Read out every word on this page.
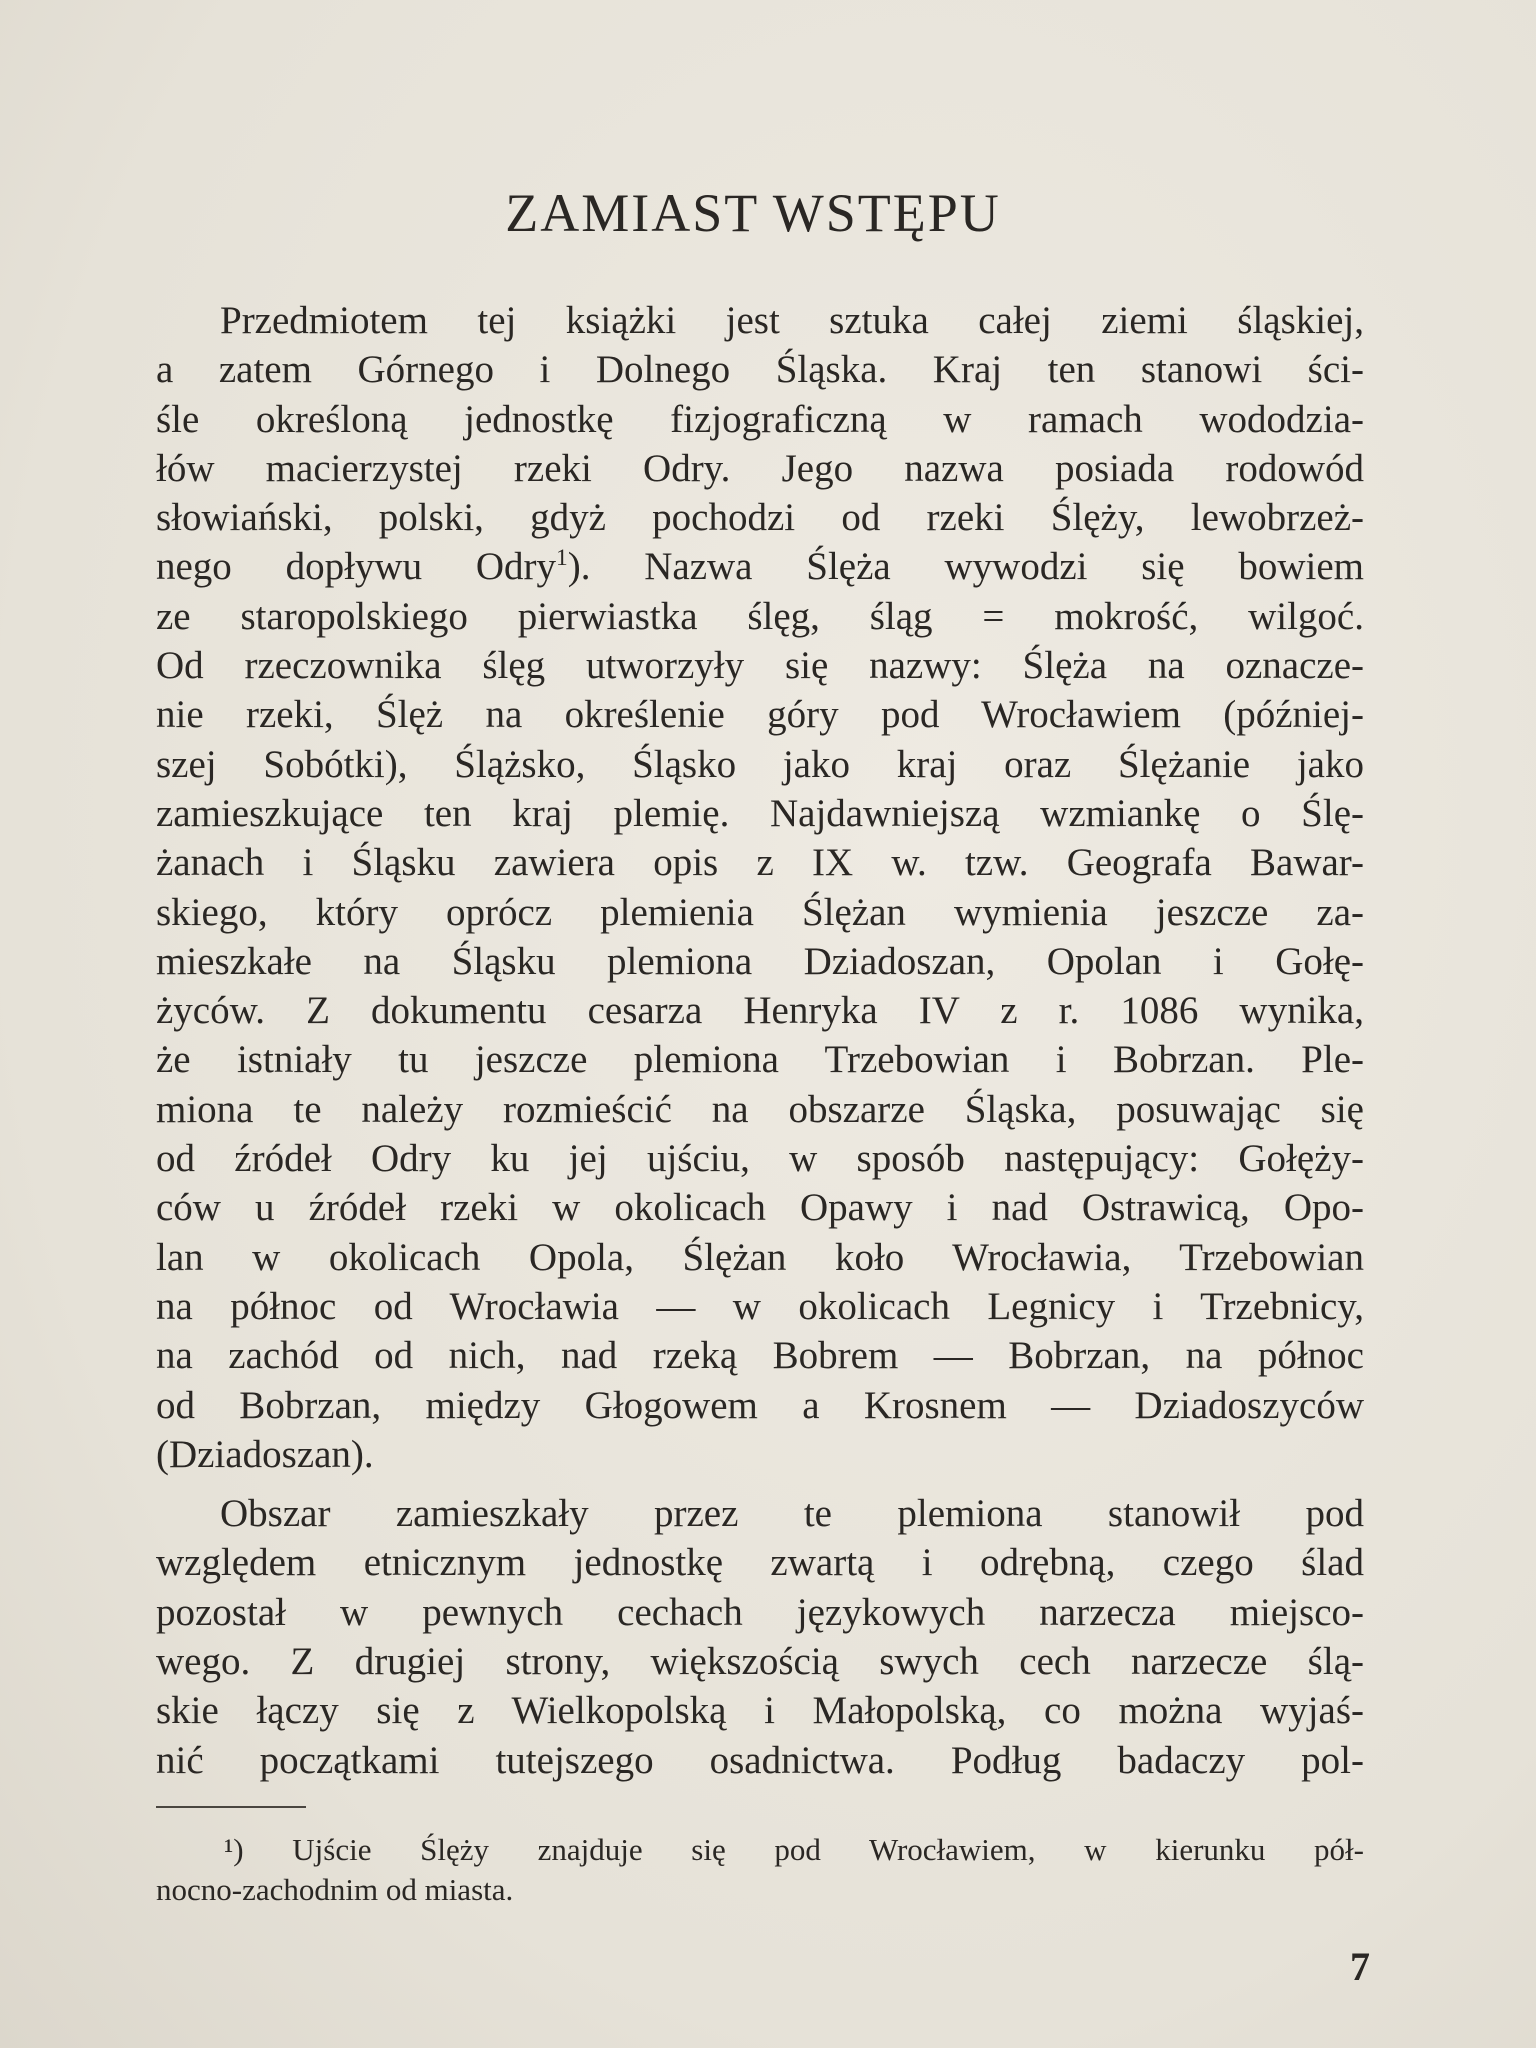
ZAMIAST WSTĘPU
Przedmiotem tej książki jest sztuka całej ziemi śląskiej,
a zatem Górnego i Dolnego Śląska. Kraj ten stanowi ści-
śle określoną jednostkę fizjograficzną w ramach wododzia-
łów macierzystej rzeki Odry. Jego nazwa posiada rodowód
słowiański, polski, gdyż pochodzi od rzeki Ślęży, lewobrzeż-
nego dopływu Odry$^1$). Nazwa Ślęża wywodzi się bowiem
ze staropolskiego pierwiastka ślęg, śląg = mokrość, wilgoć.
Od rzeczownika ślęg utworzyły się nazwy: Ślęża na oznacze-
nie rzeki, Ślęż na określenie góry pod Wrocławiem (później-
szej Sobótki), Ślążsko, Śląsko jako kraj oraz Ślężanie jako
zamieszkujące ten kraj plemię. Najdawniejszą wzmiankę o Ślę-
żanach i Śląsku zawiera opis z IX w. tzw. Geografa Bawar-
skiego, który oprócz plemienia Ślężan wymienia jeszcze za-
mieszkałe na Śląsku plemiona Dziadoszan, Opolan i Gołę-
życów. Z dokumentu cesarza Henryka IV z r. 1086 wynika,
że istniały tu jeszcze plemiona Trzebowian i Bobrzan. Ple-
miona te należy rozmieścić na obszarze Śląska, posuwając się
od źródeł Odry ku jej ujściu, w sposób następujący: Gołęży-
ców u źródeł rzeki w okolicach Opawy i nad Ostrawicą, Opo-
lan w okolicach Opola, Ślężan koło Wrocławia, Trzebowian
na północ od Wrocławia — w okolicach Legnicy i Trzebnicy,
na zachód od nich, nad rzeką Bobrem — Bobrzan, na północ
od Bobrzan, między Głogowem a Krosnem — Dziadoszyców
(Dziadoszan).
Obszar zamieszkały przez te plemiona stanowił pod
względem etnicznym jednostkę zwartą i odrębną, czego ślad
pozostał w pewnych cechach językowych narzecza miejsco-
wego. Z drugiej strony, większością swych cech narzecze ślą-
skie łączy się z Wielkopolską i Małopolską, co można wyjaś-
nić początkami tutejszego osadnictwa. Podług badaczy pol-
¹) Ujście Ślęży znajduje się pod Wrocławiem, w kierunku pół-
nocno-zachodnim od miasta.
7
